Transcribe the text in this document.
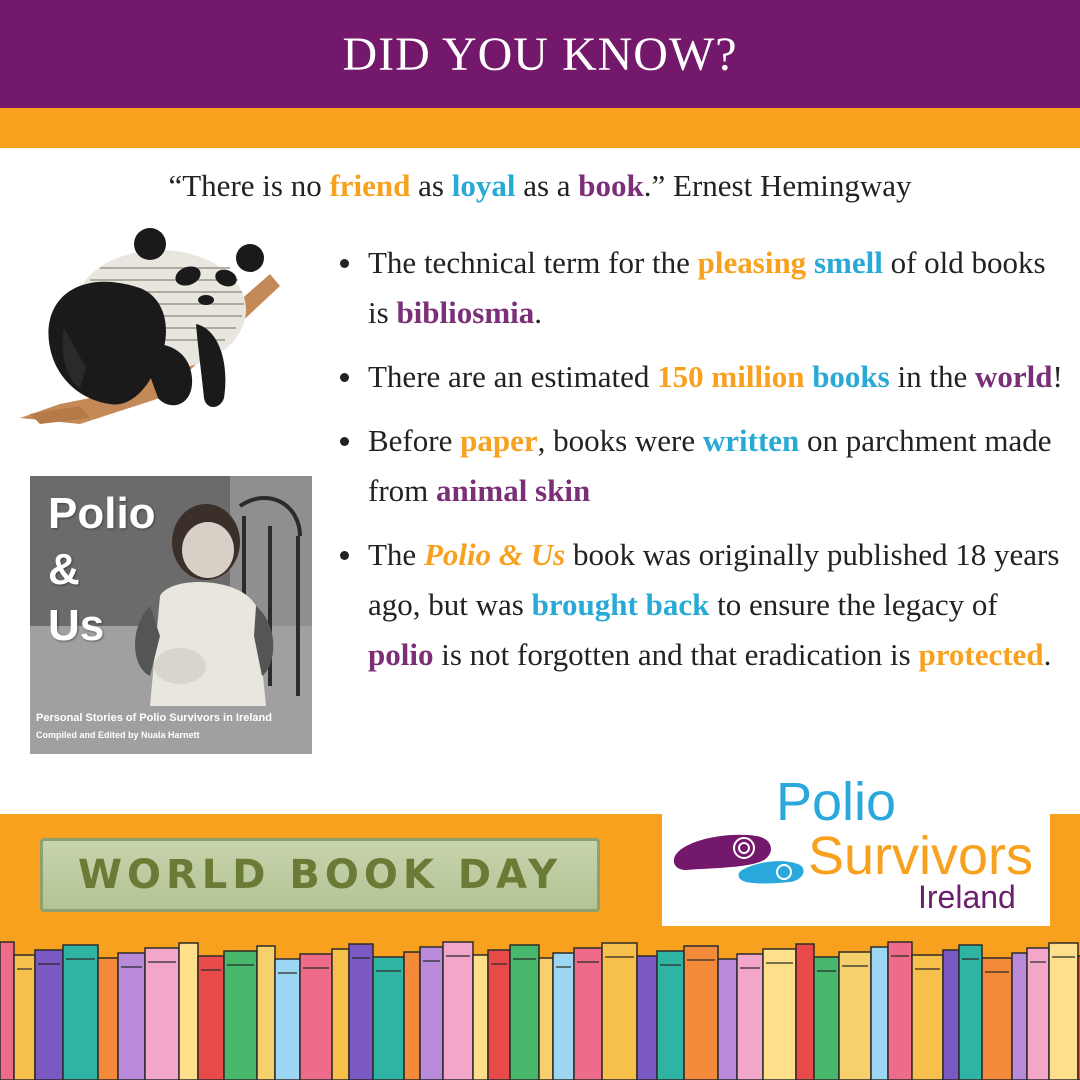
DID YOU KNOW?
“There is no friend as loyal as a book.” Ernest Hemingway
Polio
&
Us
Personal Stories of Polio Survivors in Ireland
Compiled and Edited by Nuala Harnett
The technical term for the pleasing smell of old books is bibliosmia.
There are an estimated 150 million books in the world!
Before paper, books were written on parchment made from animal skin
The Polio & Us book was originally published 18 years ago, but was brought back to ensure the legacy of polio is not forgotten and that eradication is protected.
WORLD BOOK DAY
Polio
Survivors
Ireland
